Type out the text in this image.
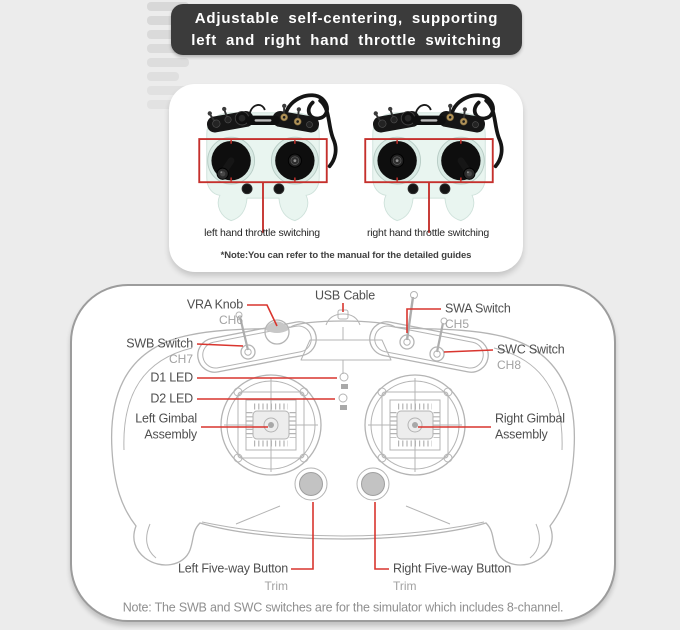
Adjustable self-centering, supporting
left and right hand throttle switching
left hand throttle switching	right hand throttle switching
*Note:You can refer to the manual for the detailed guides
USB Cable
VRA Knob
CH6
SWB Switch
CH7
D1 LED
D2 LED
Left Gimbal
Assembly
SWA Switch
CH5
SWC Switch
CH8
Right Gimbal
Assembly
Left Five-way Button
Trim
Right Five-way Button
Trim
Note: The SWB and SWC switches are for the simulator which includes 8-channel.
